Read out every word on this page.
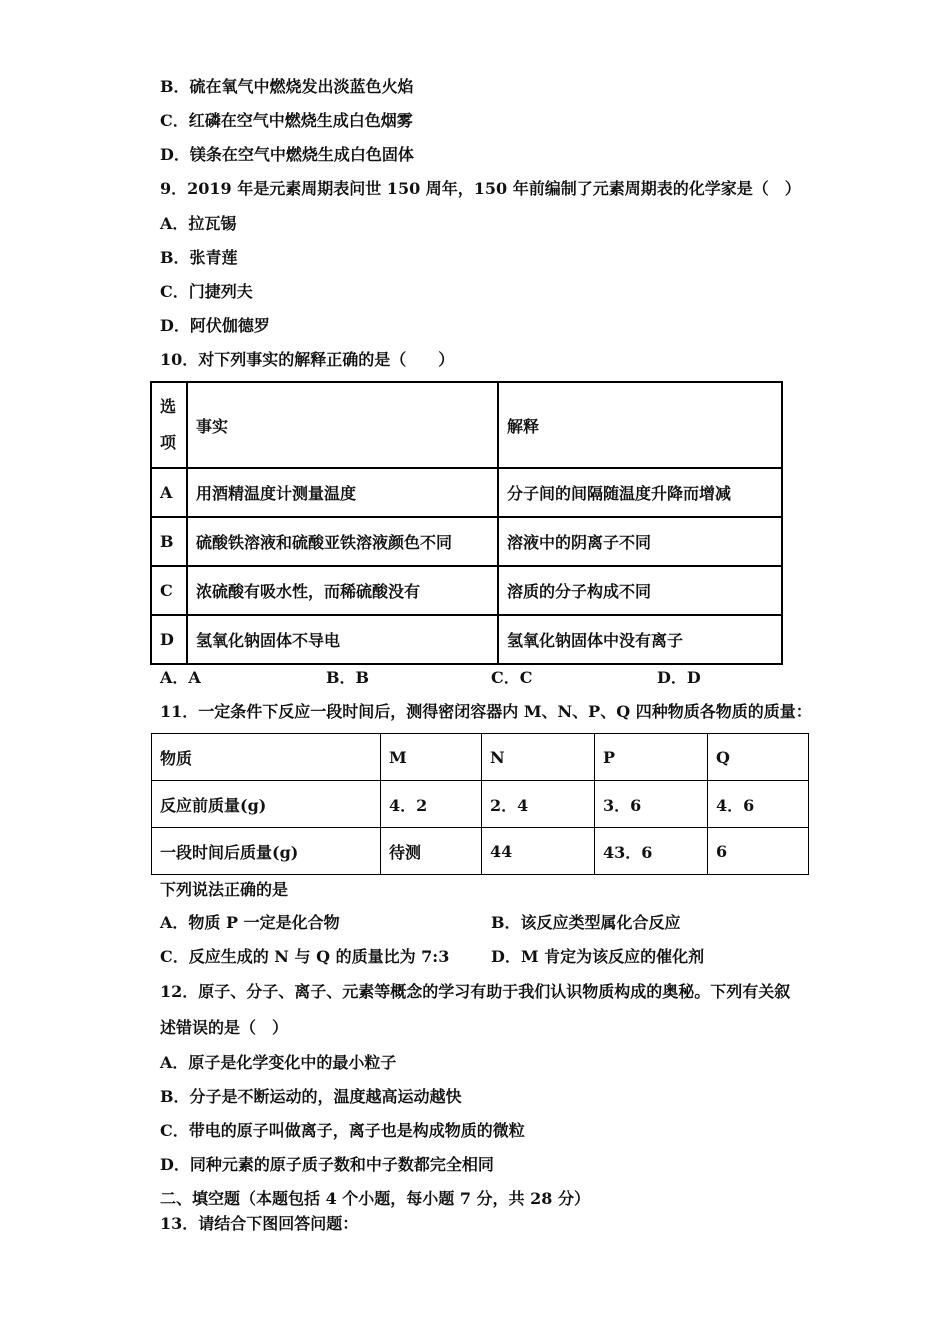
B．硫在氧气中燃烧发出淡蓝色火焰
C．红磷在空气中燃烧生成白色烟雾
D．镁条在空气中燃烧生成白色固体
9．2019 年是元素周期表问世 150 周年，150 年前编制了元素周期表的化学家是（　）
A．拉瓦锡
B．张青莲
C．门捷列夫
D．阿伏伽德罗
10．对下列事实的解释正确的是（　　）
选
项	事实	解释
A	用酒精温度计测量温度	分子间的间隔随温度升降而增减
B	硫酸铁溶液和硫酸亚铁溶液颜色不同	溶液中的阴离子不同
C	浓硫酸有吸水性，而稀硫酸没有	溶质的分子构成不同
D	氢氧化钠固体不导电	氢氧化钠固体中没有离子
A．A	B．B	C．C	D．D
11．一定条件下反应一段时间后，测得密闭容器内 M、N、P、Q 四种物质各物质的质量：
物质	M	N	P	Q
反应前质量(g)	4．2	2．4	3．6	4．6
一段时间后质量(g)	待测	44	43．6	6
下列说法正确的是
A．物质 P 一定是化合物	B．该反应类型属化合反应
C．反应生成的 N 与 Q 的质量比为 7:3	D．M 肯定为该反应的催化剂
12．原子、分子、离子、元素等概念的学习有助于我们认识物质构成的奥秘。下列有关叙
述错误的是（　）
A．原子是化学变化中的最小粒子
B．分子是不断运动的，温度越高运动越快
C．带电的原子叫做离子，离子也是构成物质的微粒
D．同种元素的原子质子数和中子数都完全相同
二、填空题（本题包括 4 个小题，每小题 7 分，共 28 分）
13．请结合下图回答问题：
